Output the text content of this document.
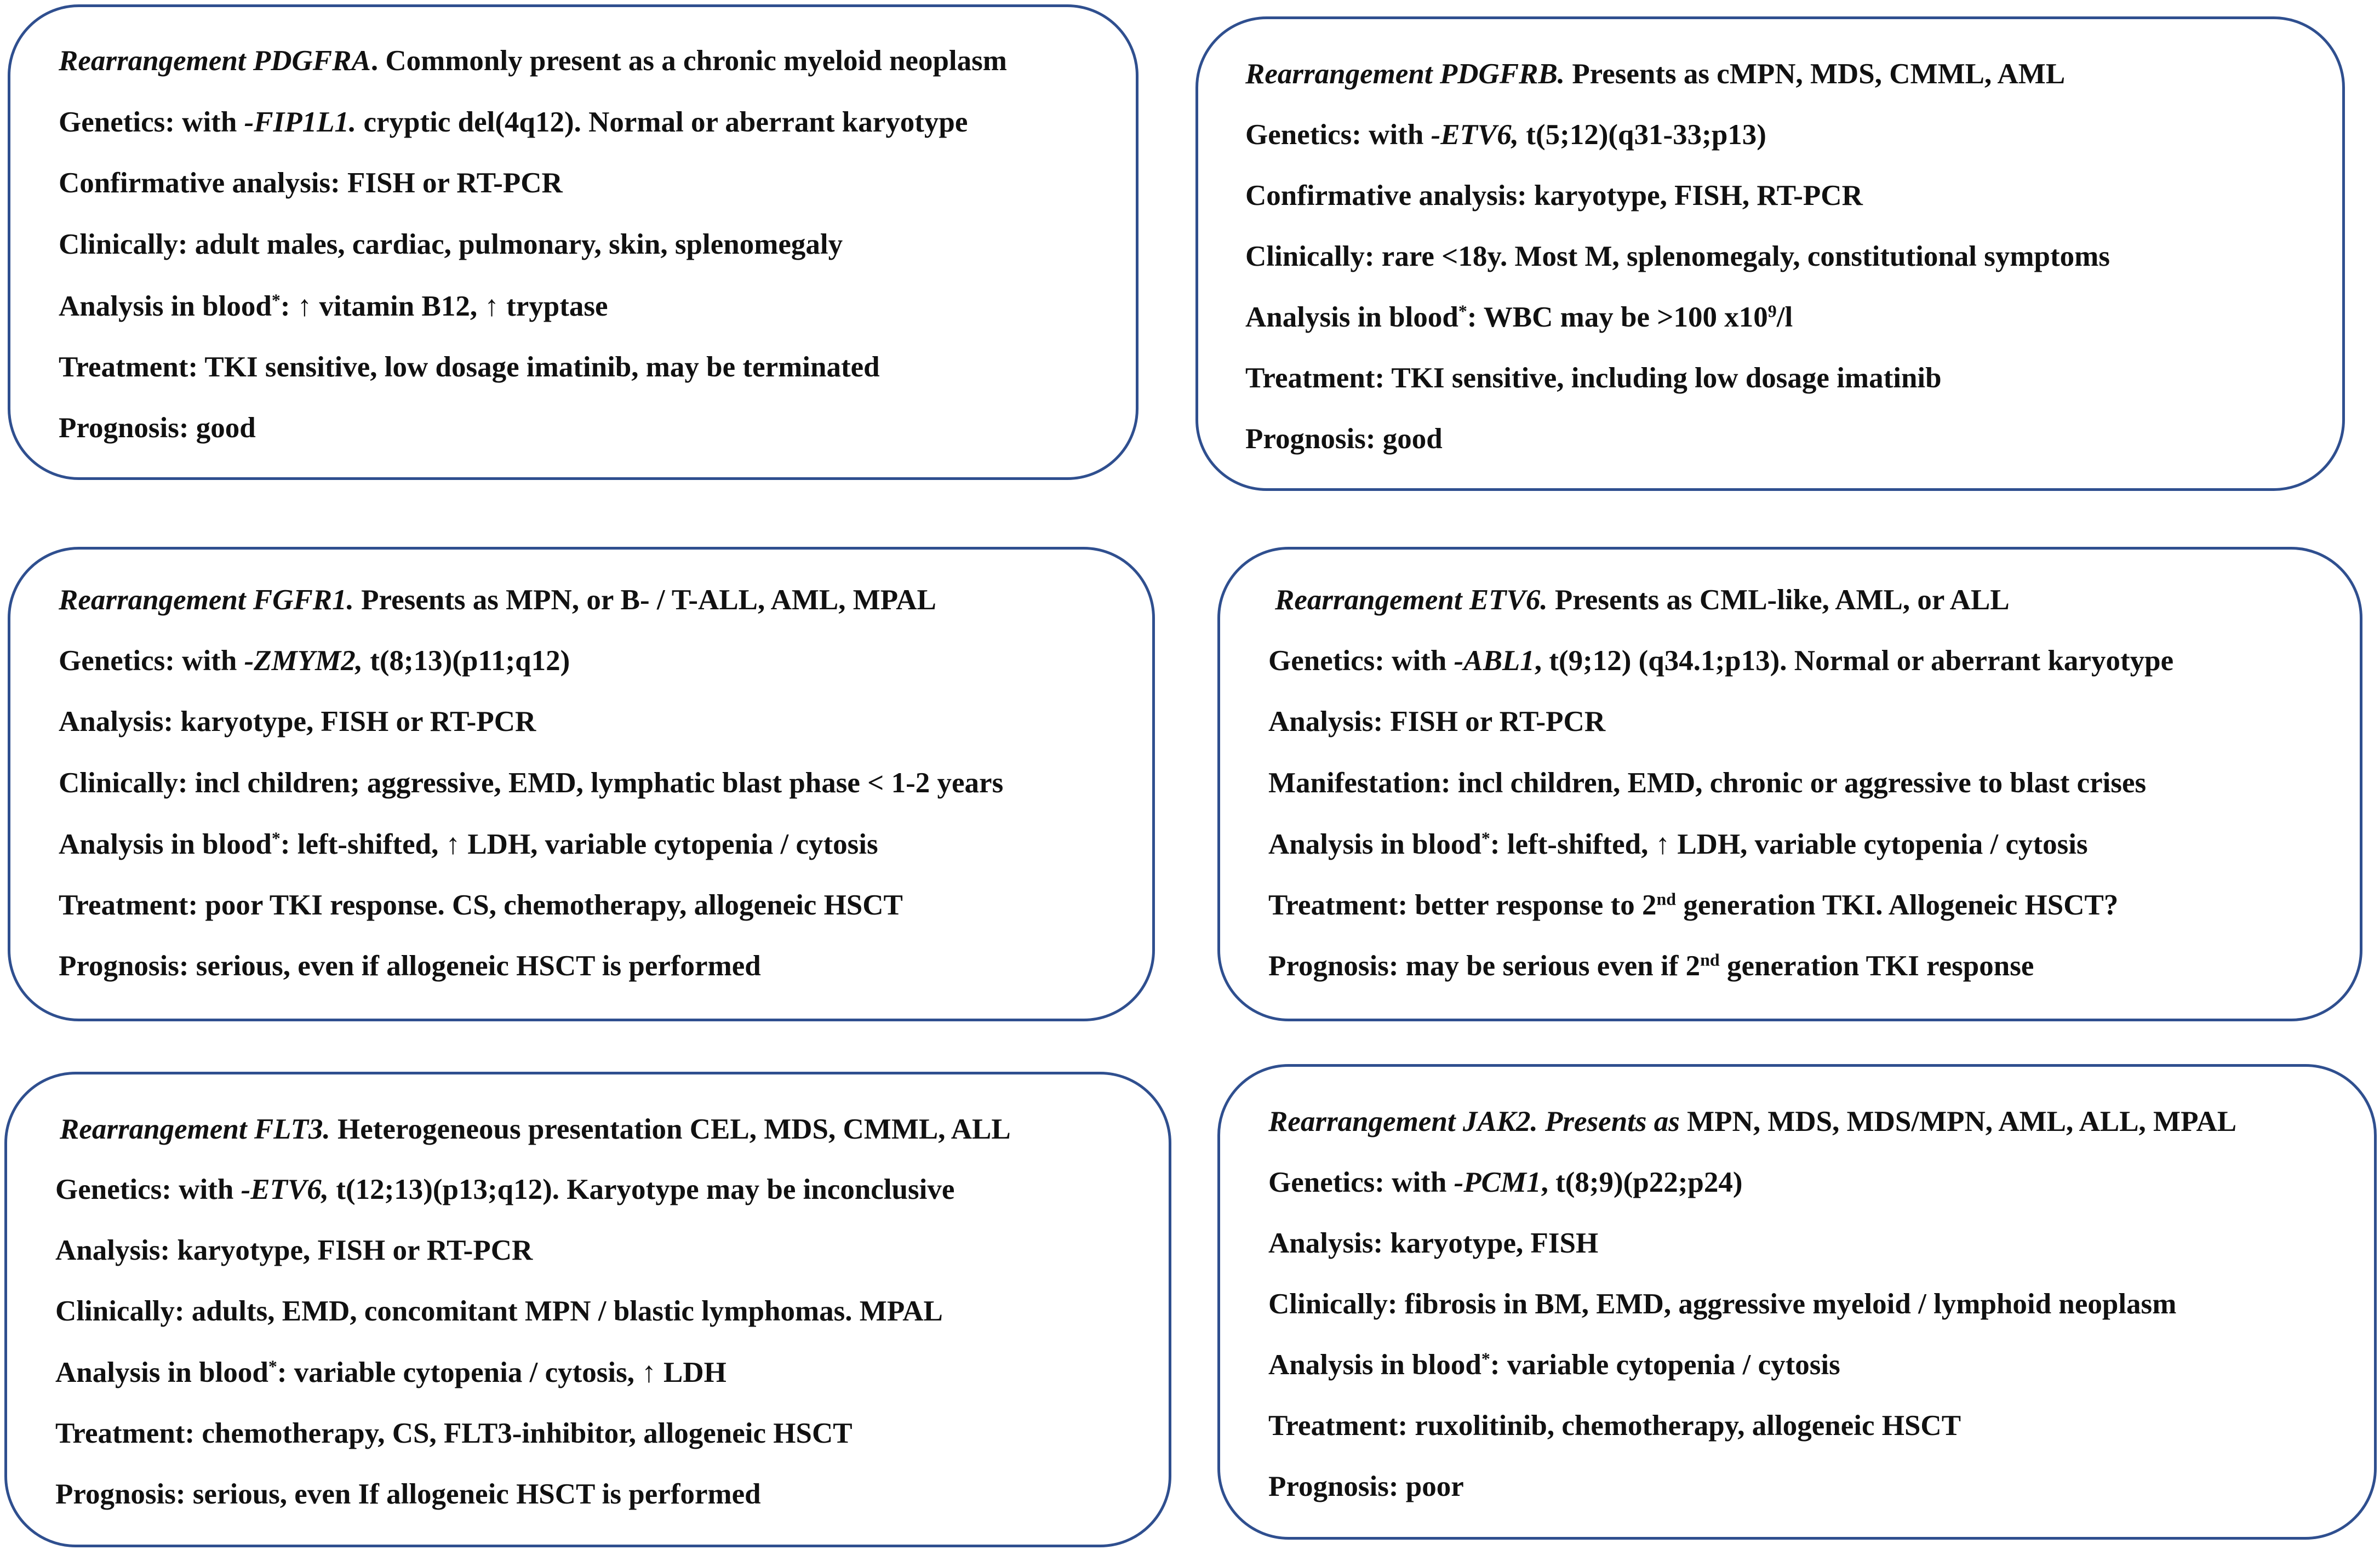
Rearrangement PDGFRA. Commonly present as a chronic myeloid neoplasm
Genetics: with -FIP1L1. cryptic del(4q12). Normal or aberrant karyotype
Confirmative analysis: FISH or RT-PCR
Clinically: adult males, cardiac, pulmonary, skin, splenomegaly
Analysis in blood*: ↑ vitamin B12, ↑ tryptase
Treatment: TKI sensitive, low dosage imatinib, may be terminated
Prognosis: good
Rearrangement PDGFRB. Presents as cMPN, MDS, CMML, AML
Genetics: with -ETV6, t(5;12)(q31-33;p13)
Confirmative analysis: karyotype, FISH, RT-PCR
Clinically: rare <18y. Most M, splenomegaly, constitutional symptoms
Analysis in blood*: WBC may be >100 $x10^9/l$
Treatment: TKI sensitive, including low dosage imatinib
Prognosis: good
Rearrangement FGFR1. Presents as MPN, or B- / T-ALL, AML, MPAL
Genetics: with -ZMYM2, t(8;13)(p11;q12)
Analysis: karyotype, FISH or RT-PCR
Clinically: incl children; aggressive, EMD, lymphatic blast phase < 1-2 years
Analysis in blood*: left-shifted, ↑ LDH, variable cytopenia / cytosis
Treatment: poor TKI response. CS, chemotherapy, allogeneic HSCT
Prognosis: serious, even if allogeneic HSCT is performed
Rearrangement ETV6. Presents as CML-like, AML, or ALL
Genetics: with -ABL1, t(9;12) (q34.1;p13). Normal or aberrant karyotype
Analysis: FISH or RT-PCR
Manifestation: incl children, EMD, chronic or aggressive to blast crises
Analysis in blood*: left-shifted, ↑ LDH, variable cytopenia / cytosis
Treatment: better response to 2nd generation TKI. Allogeneic HSCT?
Prognosis: may be serious even if 2nd generation TKI response
Rearrangement FLT3. Heterogeneous presentation CEL, MDS, CMML, ALL
Genetics: with -ETV6, t(12;13)(p13;q12). Karyotype may be inconclusive
Analysis: karyotype, FISH or RT-PCR
Clinically: adults, EMD, concomitant MPN / blastic lymphomas. MPAL
Analysis in blood*: variable cytopenia / cytosis, ↑ LDH
Treatment: chemotherapy, CS, FLT3-inhibitor, allogeneic HSCT
Prognosis: serious, even If allogeneic HSCT is performed
Rearrangement JAK2. Presents as MPN, MDS, MDS/MPN, AML, ALL, MPAL
Genetics: with -PCM1, t(8;9)(p22;p24)
Analysis: karyotype, FISH
Clinically: fibrosis in BM, EMD, aggressive myeloid / lymphoid neoplasm
Analysis in blood*: variable cytopenia / cytosis
Treatment: ruxolitinib, chemotherapy, allogeneic HSCT
Prognosis: poor
